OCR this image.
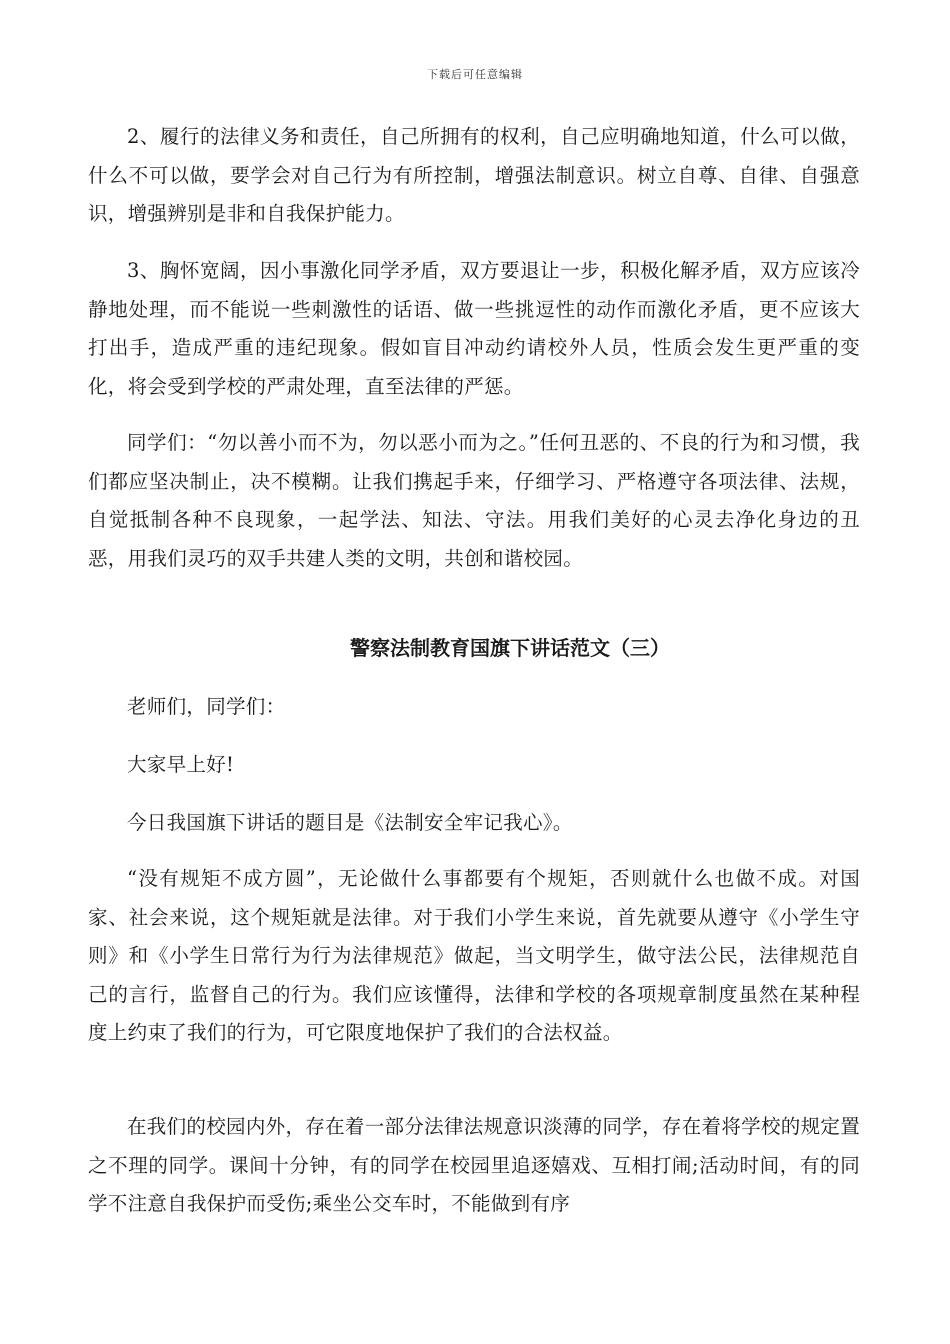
下载后可任意编辑

2、履行的法律义务和责任，自己所拥有的权利，自己应明确地知道，什么可以做，什么不可以做，要学会对自己行为有所控制，增强法制意识。树立自尊、自律、自强意识，增强辨别是非和自我保护能力。

3、胸怀宽阔，因小事激化同学矛盾，双方要退让一步，积极化解矛盾，双方应该冷静地处理，而不能说一些刺激性的话语、做一些挑逗性的动作而激化矛盾，更不应该大打出手，造成严重的违纪现象。假如盲目冲动约请校外人员，性质会发生更严重的变化，将会受到学校的严肃处理，直至法律的严惩。

同学们：“勿以善小而不为，勿以恶小而为之。”任何丑恶的、不良的行为和习惯，我们都应坚决制止，决不模糊。让我们携起手来，仔细学习、严格遵守各项法律、法规，自觉抵制各种不良现象，一起学法、知法、守法。用我们美好的心灵去净化身边的丑恶，用我们灵巧的双手共建人类的文明，共创和谐校园。

警察法制教育国旗下讲话范文（三）

老师们，同学们：

大家早上好!

今日我国旗下讲话的题目是《法制安全牢记我心》。

“没有规矩不成方圆”，无论做什么事都要有个规矩，否则就什么也做不成。对国家、社会来说，这个规矩就是法律。对于我们小学生来说，首先就要从遵守《小学生守则》和《小学生日常行为行为法律规范》做起，当文明学生，做守法公民，法律规范自己的言行，监督自己的行为。我们应该懂得，法律和学校的各项规章制度虽然在某种程度上约束了我们的行为，可它限度地保护了我们的合法权益。

在我们的校园内外，存在着一部分法律法规意识淡薄的同学，存在着将学校的规定置之不理的同学。课间十分钟，有的同学在校园里追逐嬉戏、互相打闹;活动时间，有的同学不注意自我保护而受伤;乘坐公交车时，不能做到有序
